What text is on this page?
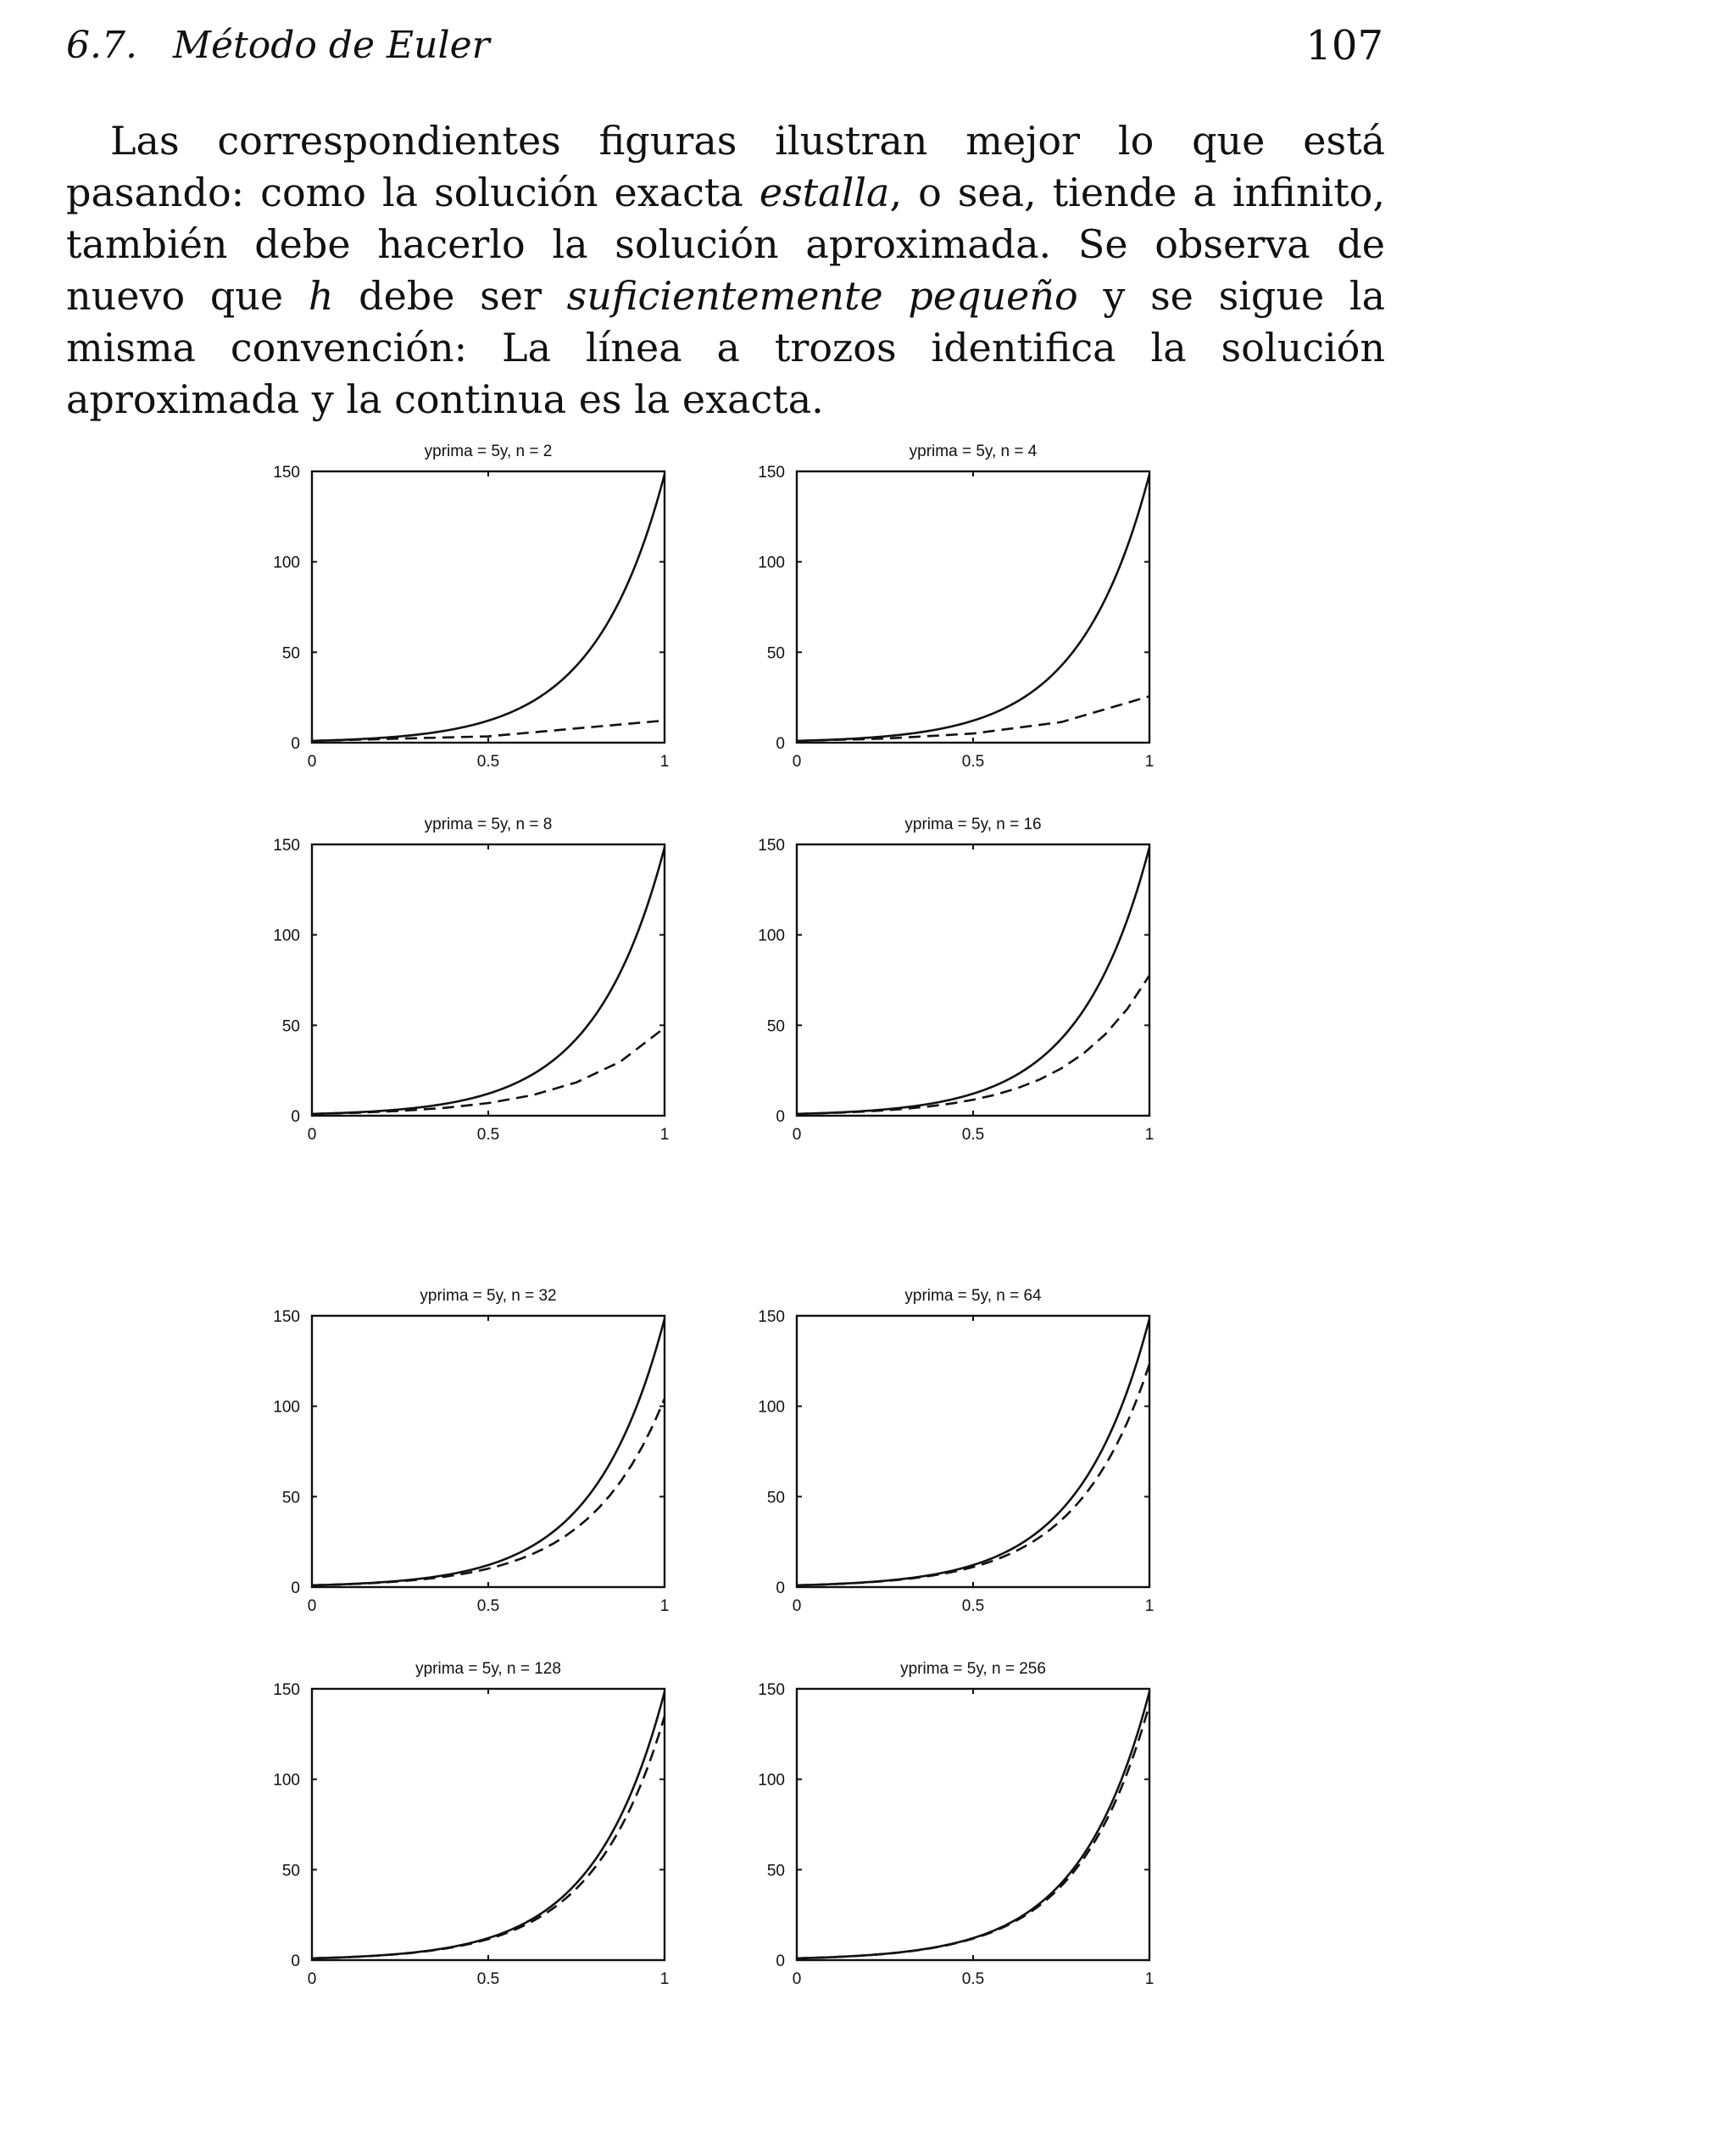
6.7. Método de Euler	107

Las correspondientes figuras ilustran mejor lo que está pasando: como la solución exacta estalla, o sea, tiende a infinito, también debe hacerlo la solución aproximada. Se observa de nuevo que h debe ser suficientemente pequeño y se sigue la misma convención: La línea a trozos identifica la solución aproximada y la continua es la exacta.

yprima = 5y, n = 2
0
50
100
150
0	0.5	1
yprima = 5y, n = 4
0
50
100
150
0	0.5	1
yprima = 5y, n = 8
0
50
100
150
0	0.5	1
yprima = 5y, n = 16
0
50
100
150
0	0.5	1
yprima = 5y, n = 32
0
50
100
150
0	0.5	1
yprima = 5y, n = 64
0
50
100
150
0	0.5	1
yprima = 5y, n = 128
0
50
100
150
0	0.5	1
yprima = 5y, n = 256
0
50
100
150
0	0.5	1
